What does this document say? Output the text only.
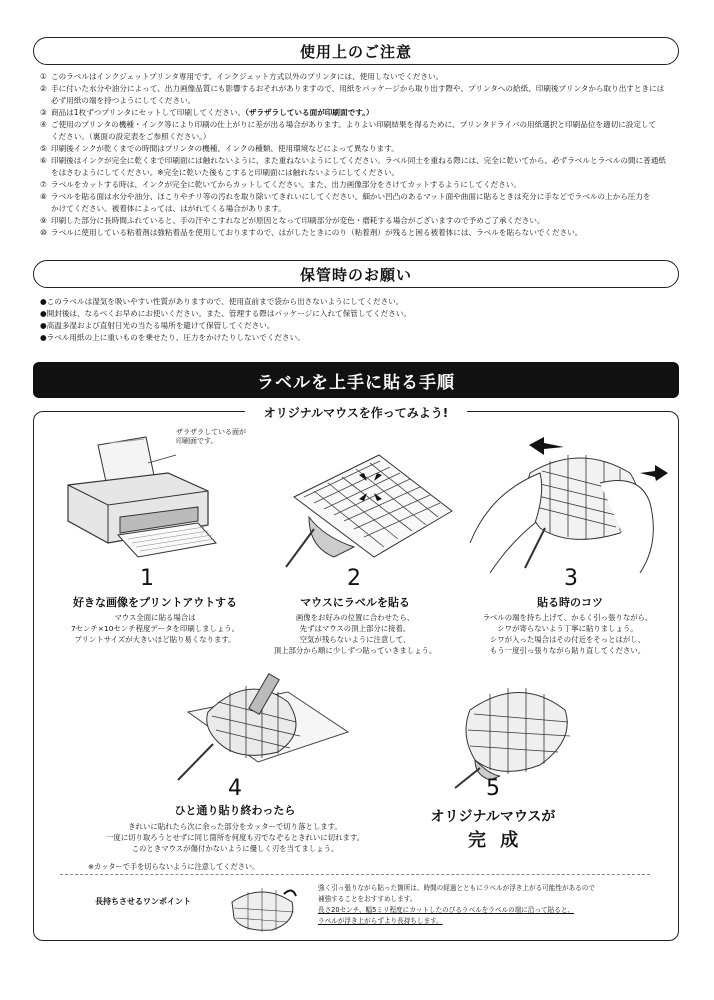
使用上のご注意
① このラベルはインクジェットプリンタ専用です。インクジェット方式以外のプリンタには、使用しないでください。
② 手に付いた水分や油分によって、出力画像品質にも影響するおそれがありますので、用紙をパッケージから取り出す際や、プリンタへの給紙、印刷後プリンタから取り出すときには
必ず用紙の端を持つようにしてください。
③ 商品は1枚ずつプリンタにセットして印刷してください。（ザラザラしている面が印刷面です。）
④ ご使用のプリンタの機種・インク等により印刷の仕上がりに差が出る場合があります。よりよい印刷結果を得るために、プリンタドライバの用紙選択と印刷品位を適切に設定して
ください。（裏面の設定表をご参照ください。）
⑤ 印刷後インクが乾くまでの時間はプリンタの機種、インクの種類、使用環境などによって異なります。
⑥ 印刷後はインクが完全に乾くまで印刷面には触れないように、また重ねないようにしてください。ラベル同士を重ねる際には、完全に乾いてから、必ずラベルとラベルの間に普通紙
をはさむようにしてください。※完全に乾いた後もこすると印刷面には触れないようにしてください。
⑦ ラベルをカットする時は、インクが完全に乾いてからカットしてください。また、出力画像部分をさけてカットするようにしてください。
⑧ ラベルを貼る面は水分や油分、ほこりやチリ等の汚れを取り除いてきれいにしてください。細かい凹凸のあるマット面や曲面に貼るときは充分に手などでラベルの上から圧力を
かけてください。被着体によっては、はがれてくる場合があります。
⑨ 印刷した部分に長時間ふれていると、手の汗やこすれなどが原因となって印刷部分が変色・磨耗する場合がございますので予めご了承ください。
⑩ ラベルに使用している粘着剤は強粘着品を使用しておりますので、はがしたときにのり（粘着剤）が残ると困る被着体には、ラベルを貼らないでください。
保管時のお願い
●このラベルは湿気を吸いやすい性質がありますので、使用直前まで袋から出さないようにしてください。
●開封後は、なるべくお早めにお使いください。また、管理する際はパッケージに入れて保管してください。
●高温多湿および直射日光の当たる場所を避けて保管してください。
●ラベル用紙の上に重いものを乗せたり、圧力をかけたりしないでください。
ラベルを上手に貼る手順
オリジナルマウスを作ってみよう!
ザラザラしている面が
印刷面です。
1
好きな画像をプリントアウトする
マウス全面に貼る場合は
7センチ×10センチ程度データを印刷しましょう。
プリントサイズが大きいほど貼り易くなります。
2
マウスにラベルを貼る
画像をお好みの位置に合わせたら、
先ずはマウスの頂上部分に接着。
空気が残らないように注意して、
頂上部分から順に少しずつ貼っていきましょう。
3
貼る時のコツ
ラベルの端を持ち上げて、かるく引っ張りながら、
シワが寄らないよう丁寧に貼りましょう。
シワが入った場合はその付近をそっとはがし、
もう一度引っ張りながら貼り直してください。
4
ひと通り貼り終わったら
きれいに貼れたら次に余った部分をカッターで切り落とします。
一度に切り取ろうとせずに同じ箇所を何度も刃でなぞるときれいに切れます。
このときマウスが傷付かないように優しく刃を当てましょう。
※カッターで手を切らないように注意してください。
5
オリジナルマウスが
完 成
長持ちさせるワンポイント
強く引っ張りながら貼った箇所は、時間の経過とともにラベルが浮き上がる可能性があるので
補強することをおすすめします。
長さ20センチ、幅5ミリ程度にカットしたのびるラベルをラベルの端に沿って貼ると、
ラベルが浮き上がらずより長持ちします。
